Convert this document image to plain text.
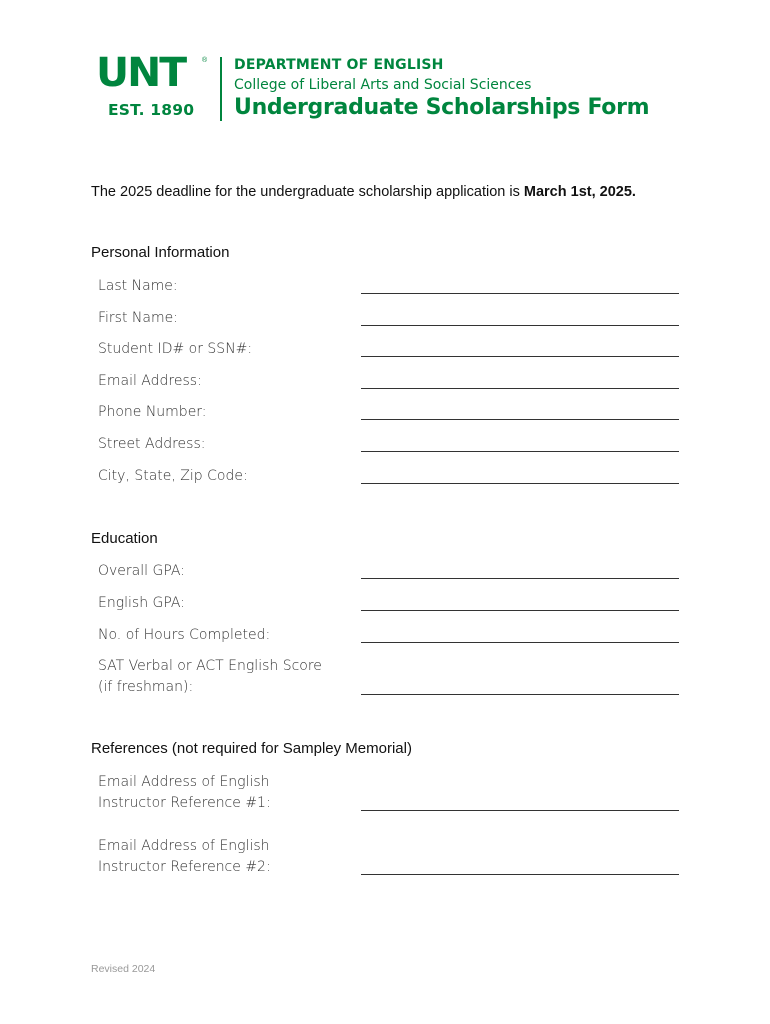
UNT ®
EST. 1890
DEPARTMENT OF ENGLISH
College of Liberal Arts and Social Sciences
Undergraduate Scholarships Form
The 2025 deadline for the undergraduate scholarship application is March 1st, 2025.
Personal Information
Last Name:
First Name:
Student ID# or SSN#:
Email Address:
Phone Number:
Street Address:
City, State, Zip Code:
Education
Overall GPA:
English GPA:
No. of Hours Completed:
SAT Verbal or ACT English Score
(if freshman):
References (not required for Sampley Memorial)
Email Address of English
Instructor Reference #1:
Email Address of English
Instructor Reference #2:
Revised 2024
